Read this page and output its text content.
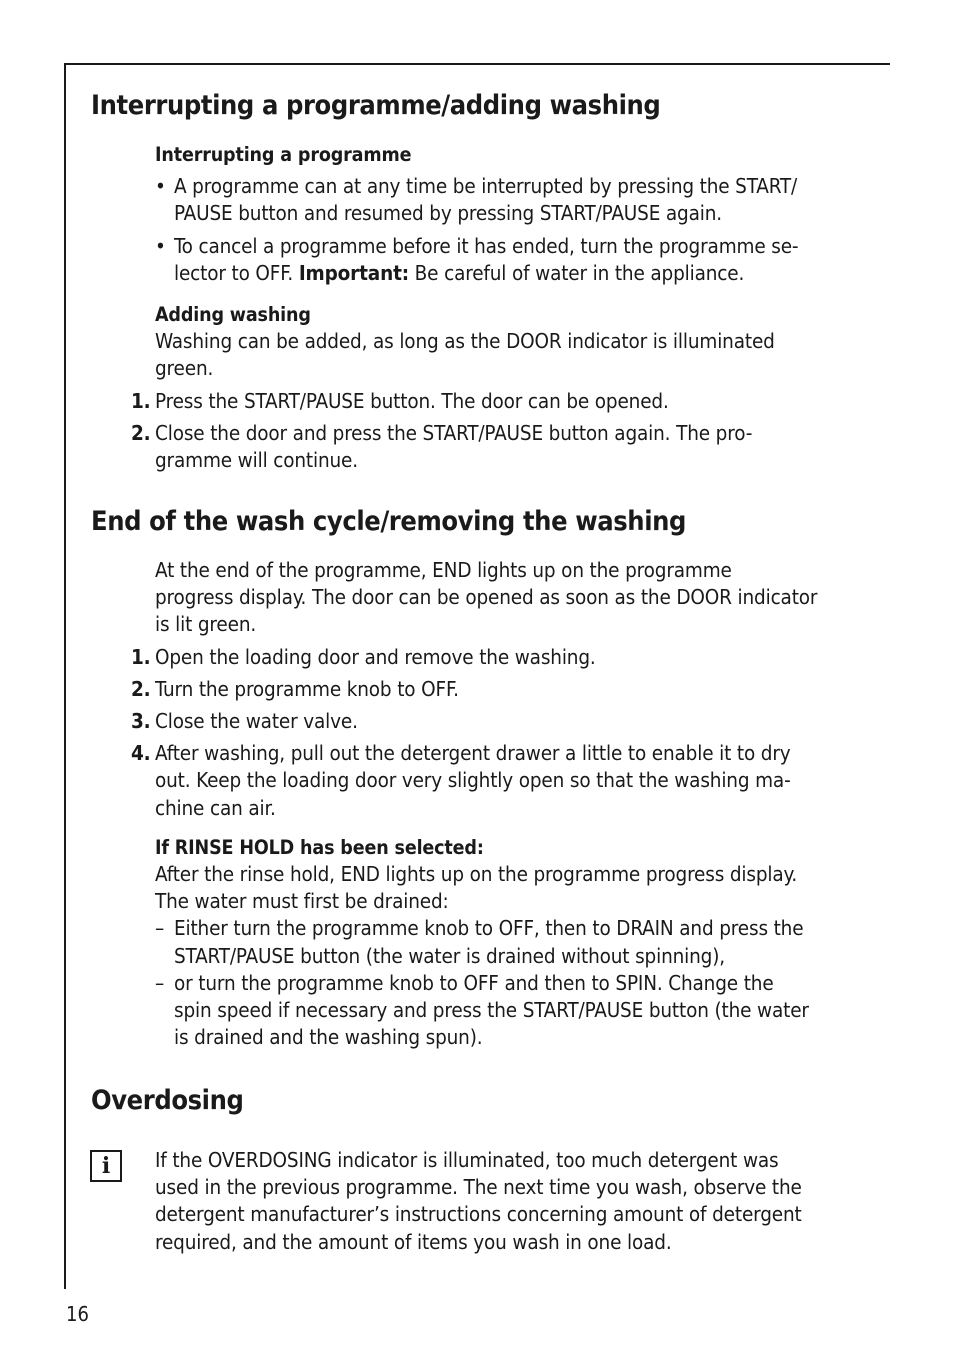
Interrupting a programme/adding washing
Interrupting a programme
• A programme can at any time be interrupted by pressing the START/
PAUSE button and resumed by pressing START/PAUSE again.
• To cancel a programme before it has ended, turn the programme se-
lector to OFF. Important: Be careful of water in the appliance.
Adding washing
Washing can be added, as long as the DOOR indicator is illuminated
green.
1. Press the START/PAUSE button. The door can be opened.
2. Close the door and press the START/PAUSE button again. The pro-
gramme will continue.
End of the wash cycle/removing the washing
At the end of the programme, END lights up on the programme
progress display. The door can be opened as soon as the DOOR indicator
is lit green.
1. Open the loading door and remove the washing.
2. Turn the programme knob to OFF.
3. Close the water valve.
4. After washing, pull out the detergent drawer a little to enable it to dry
out. Keep the loading door very slightly open so that the washing ma-
chine can air.
If RINSE HOLD has been selected:
After the rinse hold, END lights up on the programme progress display.
The water must first be drained:
– Either turn the programme knob to OFF, then to DRAIN and press the
START/PAUSE button (the water is drained without spinning),
– or turn the programme knob to OFF and then to SPIN. Change the
spin speed if necessary and press the START/PAUSE button (the water
is drained and the washing spun).
Overdosing
i If the OVERDOSING indicator is illuminated, too much detergent was
used in the previous programme. The next time you wash, observe the
detergent manufacturer’s instructions concerning amount of detergent
required, and the amount of items you wash in one load.
16
